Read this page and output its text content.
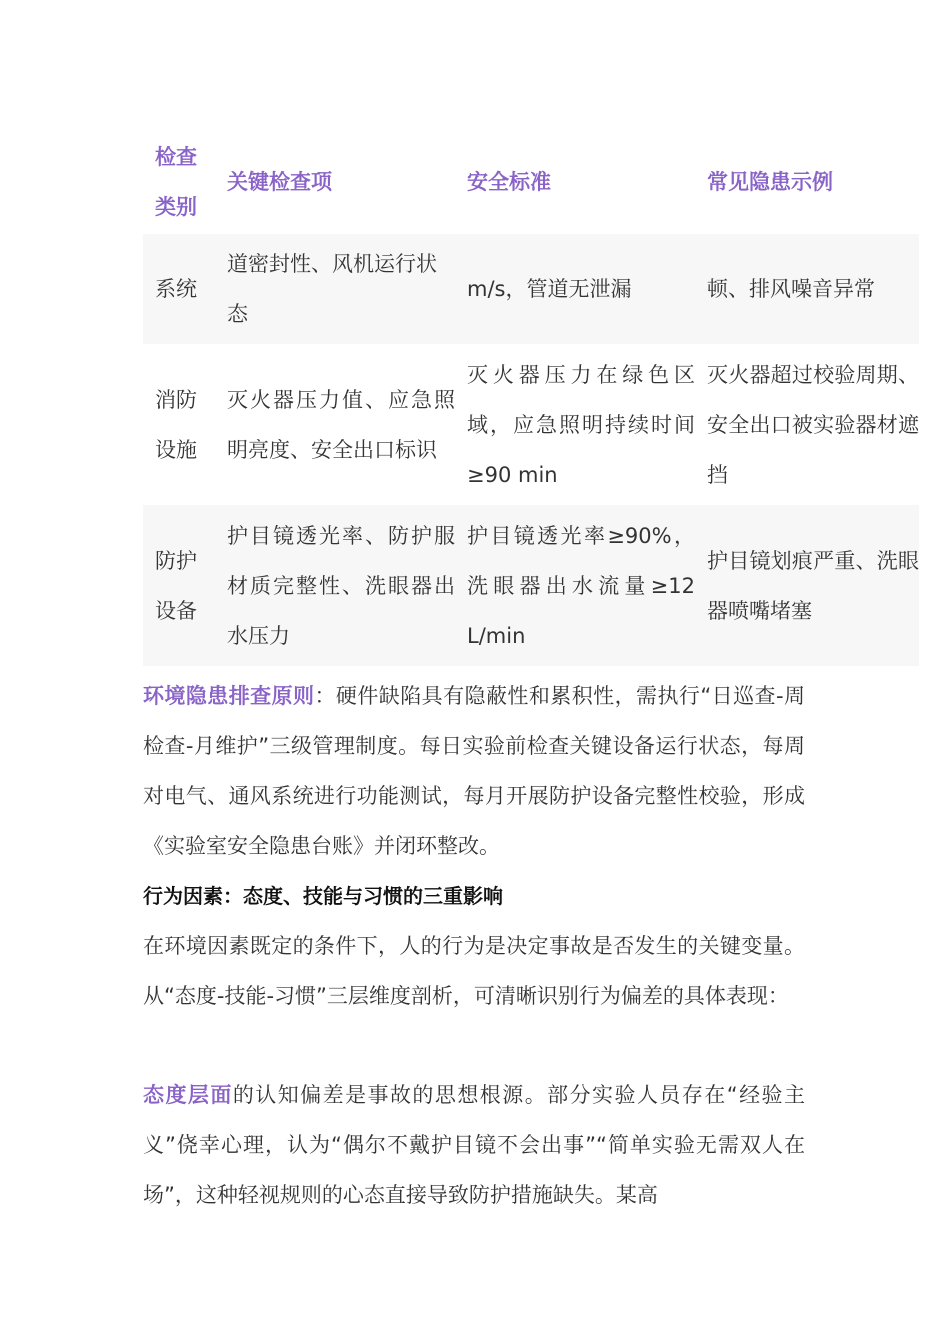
检查类别	关键检查项	安全标准	常见隐患示例
系统	道密封性、风机运行状态	m/s，管道无泄漏	顿、排风噪音异常
消防设施	灭火器压力值、应急照明亮度、安全出口标识	灭火器压力在绿色区域，应急照明持续时间≥90 min	灭火器超过校验周期、安全出口被实验器材遮挡
防护设备	护目镜透光率、防护服材质完整性、洗眼器出水压力	护目镜透光率≥90%，洗眼器出水流量≥12 L/min	护目镜划痕严重、洗眼器喷嘴堵塞

环境隐患排查原则：硬件缺陷具有隐蔽性和累积性，需执行“日巡查-周检查-月维护”三级管理制度。每日实验前检查关键设备运行状态，每周对电气、通风系统进行功能测试，每月开展防护设备完整性校验，形成《实验室安全隐患台账》并闭环整改。

行为因素：态度、技能与习惯的三重影响

在环境因素既定的条件下，人的行为是决定事故是否发生的关键变量。从“态度-技能-习惯”三层维度剖析，可清晰识别行为偏差的具体表现：

态度层面的认知偏差是事故的思想根源。部分实验人员存在“经验主义”侥幸心理，认为“偶尔不戴护目镜不会出事”“简单实验无需双人在场”，这种轻视规则的心态直接导致防护措施缺失。某高
